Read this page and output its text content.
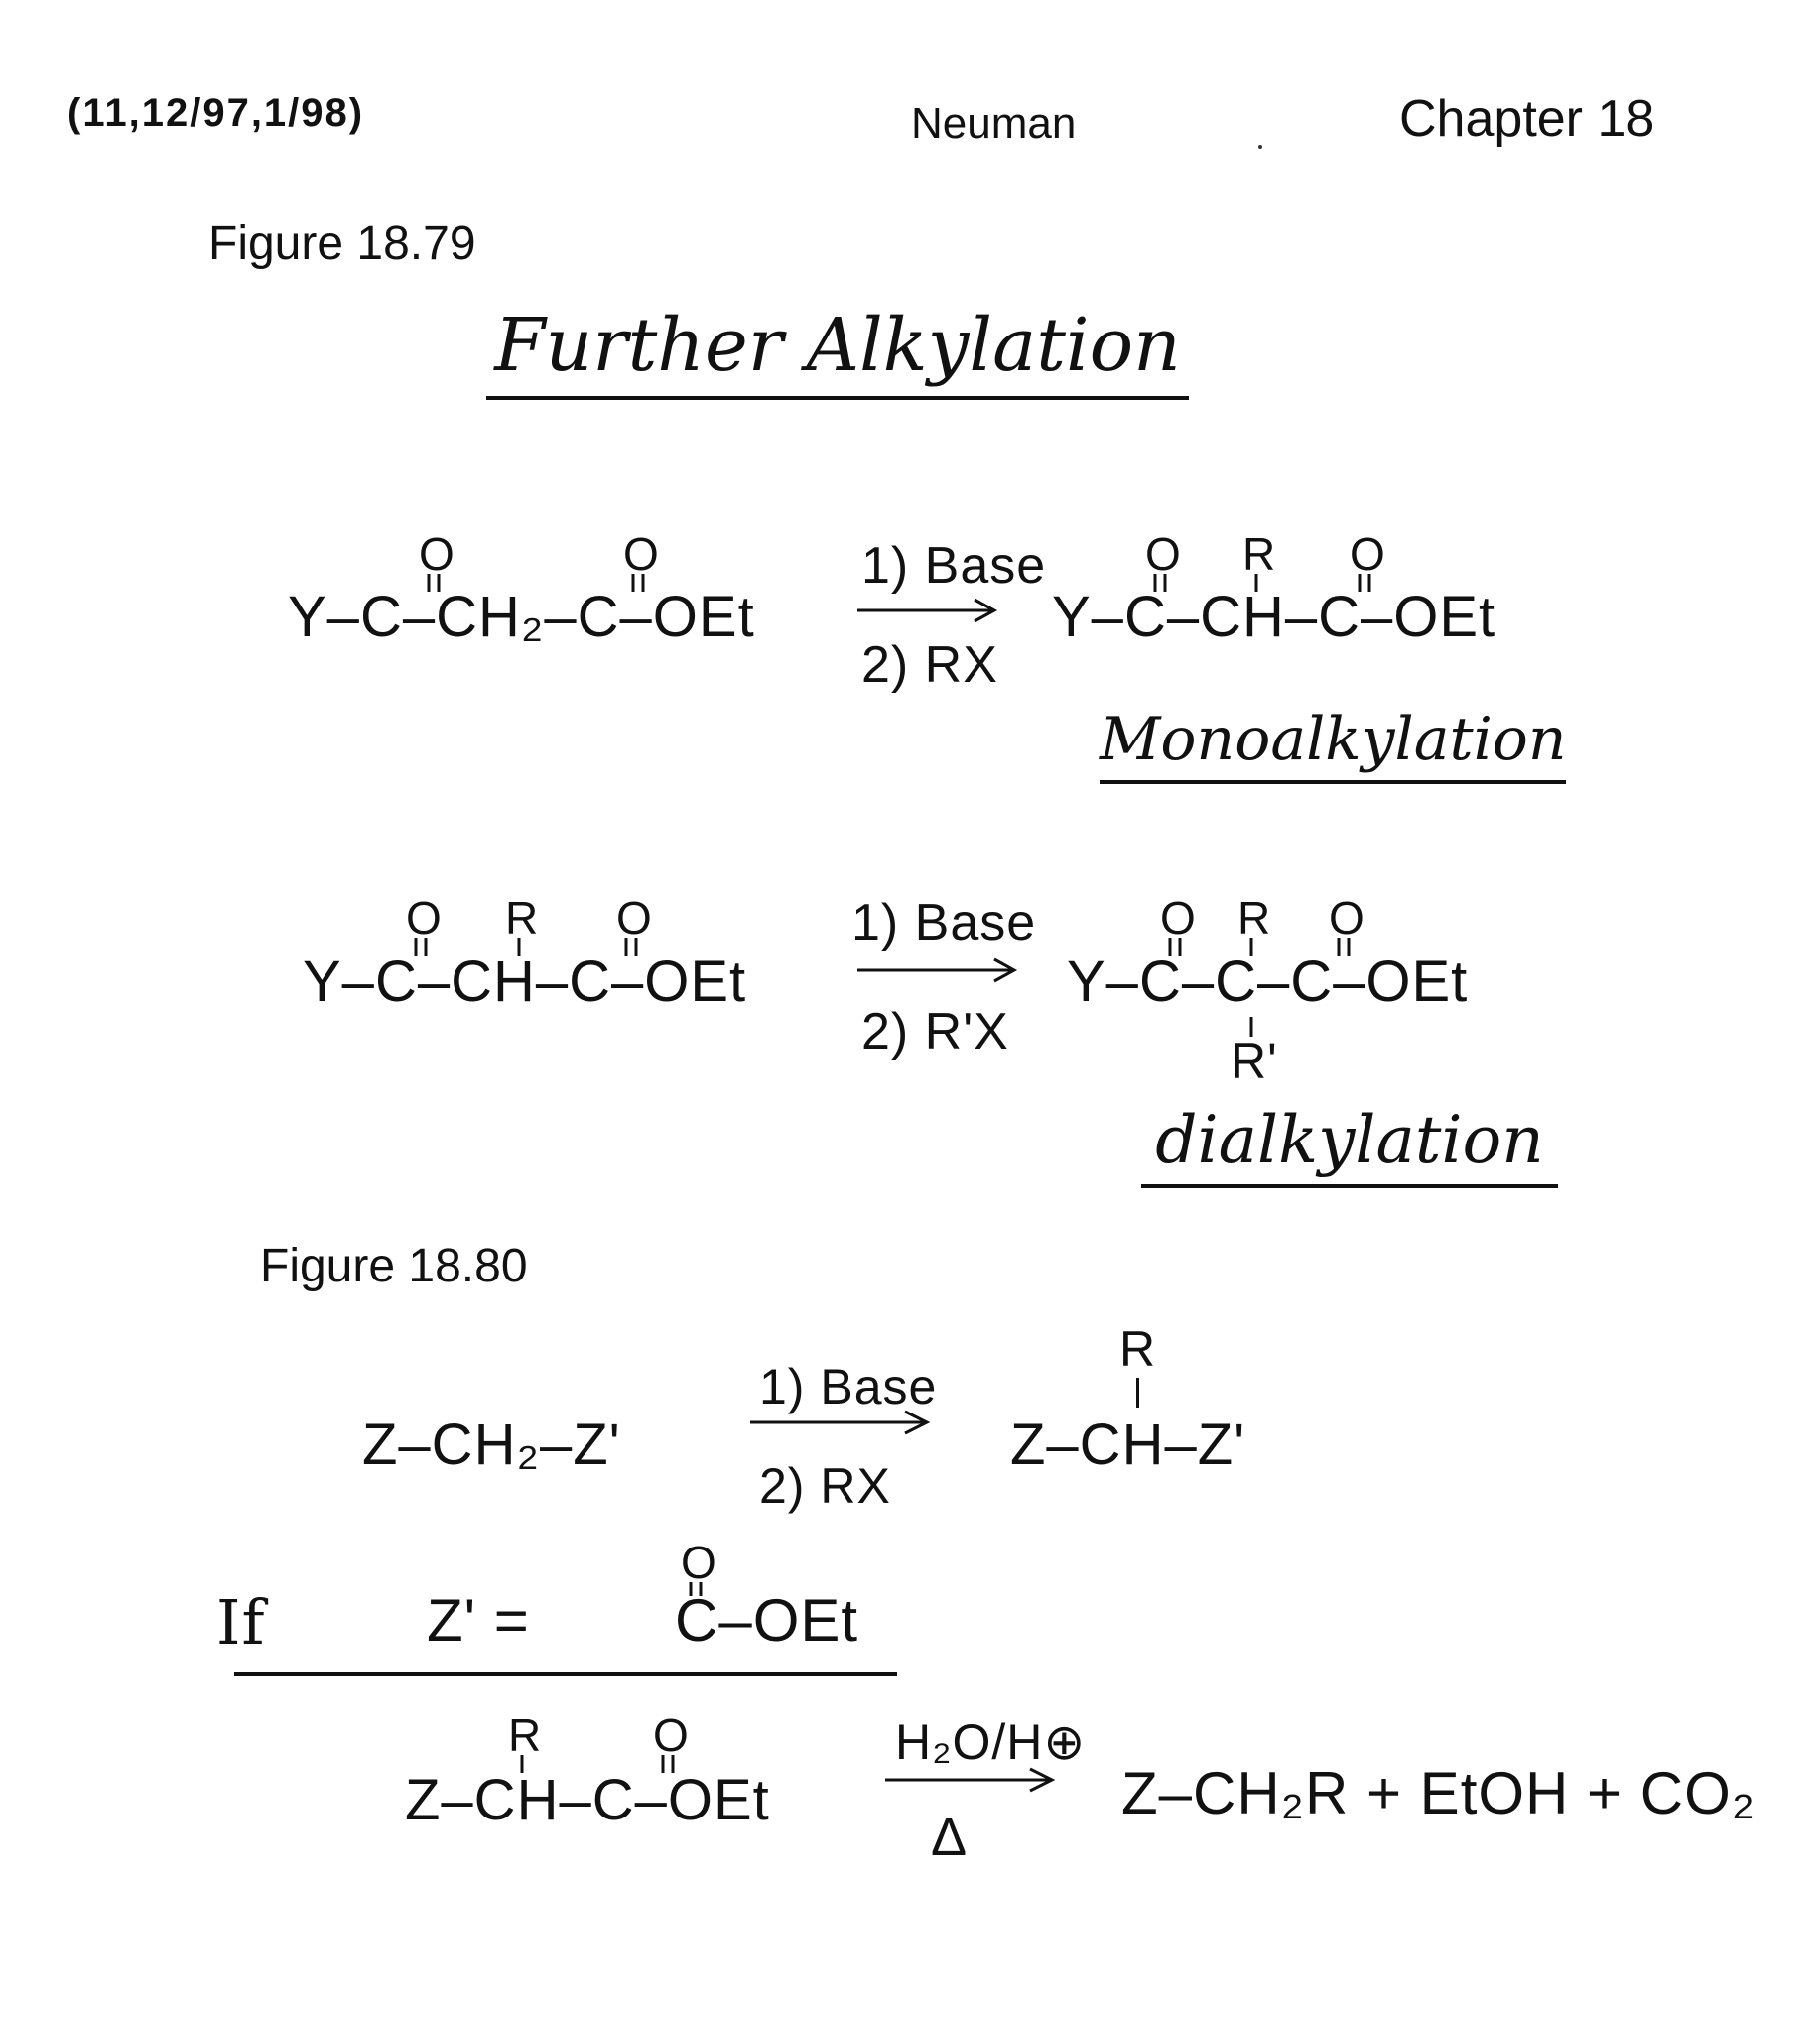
(11,12/97,1/98)	Neuman	Chapter 18
Figure 18.79
Further Alkylation
Y–C–CH₂–C–OEt
O	O	1) Base
2) RX
Y–C–CH–C–OEt
O R O
Monoalkylation
Y–C–CH–C–OEt
O R O	1) Base
2) R'X
Y–C–C–C–OEt
O R O
R'
dialkylation
Figure 18.80
Z–CH₂–Z'
1) Base
2) RX
Z–CH–Z'
R
If	Z' = C–OEt
O
Z–CH–C–OEt
R O	H₂O/H⊕
Δ
Z–CH₂R + EtOH + CO₂
